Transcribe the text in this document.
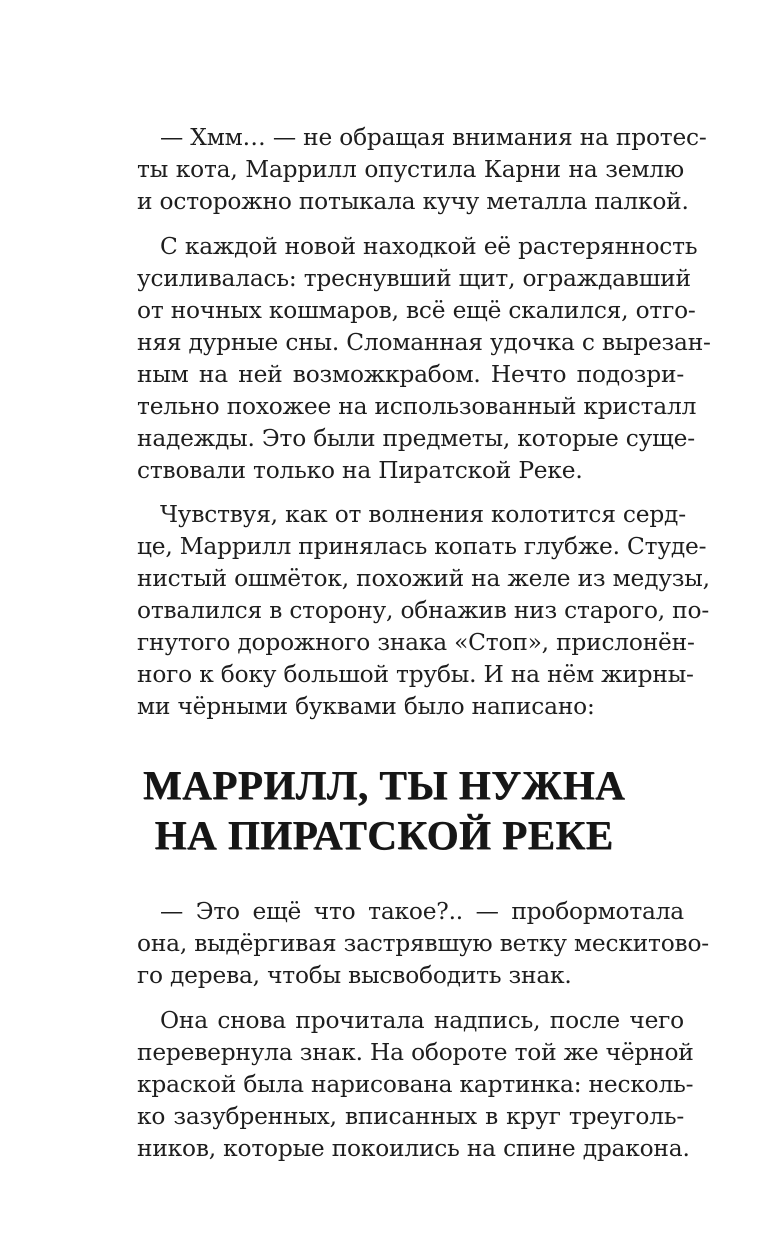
— Хмм… — не обращая внимания на протес-
ты кота, Маррилл опустила Карни на землю
и осторожно потыкала кучу металла палкой.
С каждой новой находкой её растерянность
усиливалась: треснувший щит, ограждавший
от ночных кошмаров, всё ещё скалился, отго-
няя дурные сны. Сломанная удочка с вырезан-
ным на ней возможкрабом. Нечто подозри-
тельно похожее на использованный кристалл
надежды. Это были предметы, которые суще-
ствовали только на Пиратской Реке.
Чувствуя, как от волнения колотится серд-
це, Маррилл принялась копать глубже. Студе-
нистый ошмёток, похожий на желе из медузы,
отвалился в сторону, обнажив низ старого, по-
гнутого дорожного знака «Стоп», прислонён-
ного к боку большой трубы. И на нём жирны-
ми чёрными буквами было написано:
МАРРИЛЛ, ТЫ НУЖНА
НА ПИРАТСКОЙ РЕКЕ
— Это ещё что такое?.. — пробормотала
она, выдёргивая застрявшую ветку мескитово-
го дерева, чтобы высвободить знак.
Она снова прочитала надпись, после чего
перевернула знак. На обороте той же чёрной
краской была нарисована картинка: несколь-
ко зазубренных, вписанных в круг треуголь-
ников, которые покоились на спине дракона.
